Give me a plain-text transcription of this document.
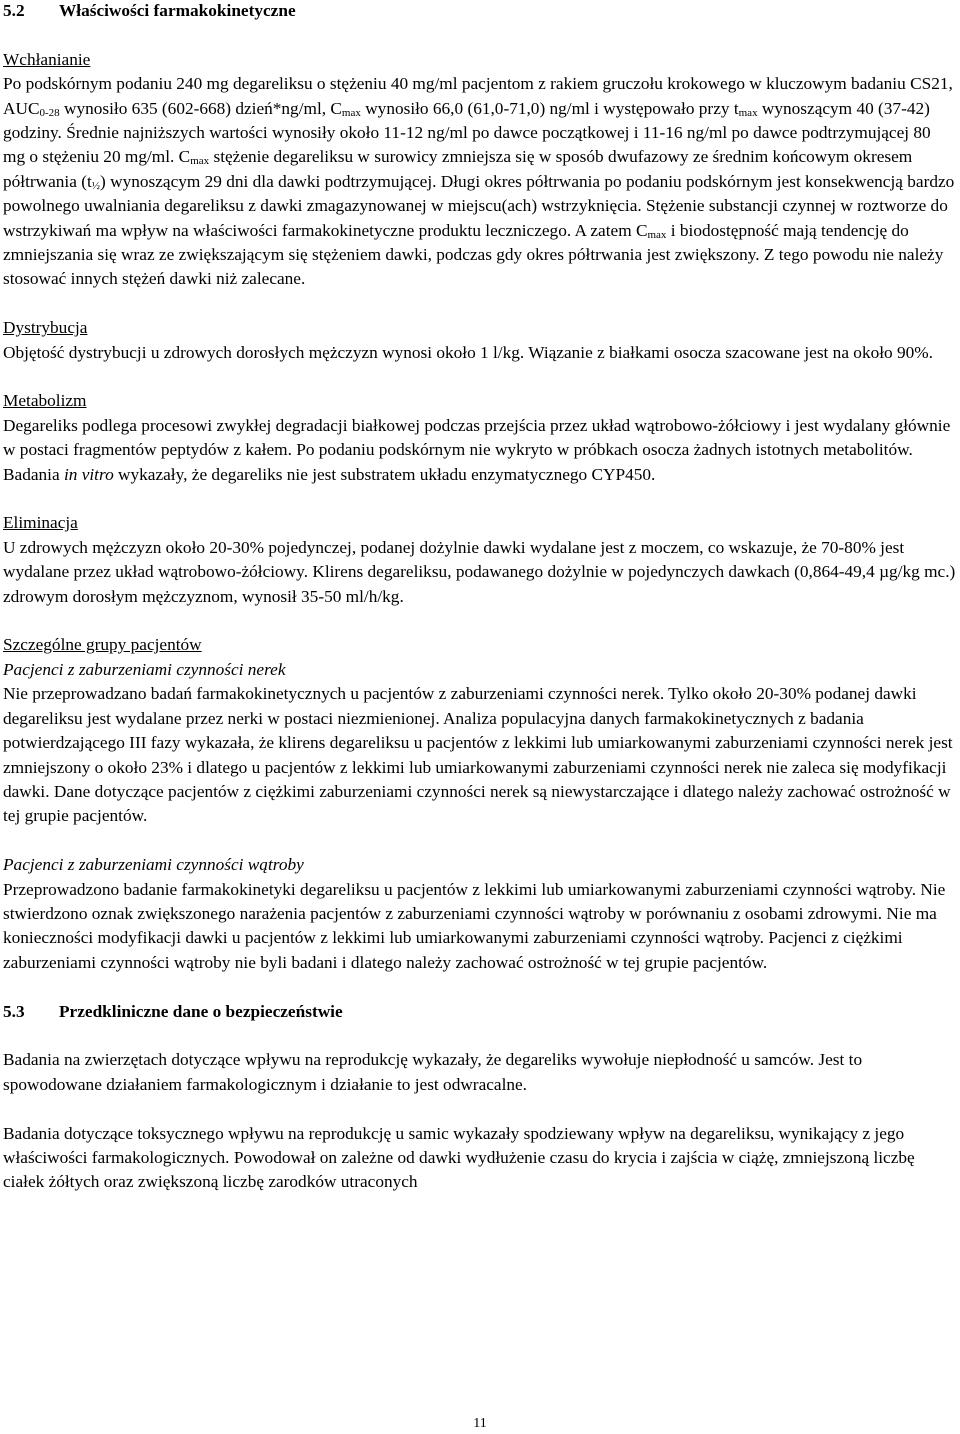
5.2 Właściwości farmakokinetyczne

Wchłanianie

Po podskórnym podaniu 240 mg degareliksu o stężeniu 40 mg/ml pacjentom z rakiem gruczołu krokowego w kluczowym badaniu CS21, $AUC_{0-28}$ wynosiło 635 (602-668) dzień*ng/ml, $C_{max}$ wynosiło 66,0 (61,0-71,0) ng/ml i występowało przy $t_{max}$ wynoszącym 40 (37-42) godziny. Średnie najniższych wartości wynosiły około 11-12 ng/ml po dawce początkowej i 11-16 ng/ml po dawce podtrzymującej 80 mg o stężeniu 20 mg/ml. $C_{max}$ stężenie degareliksu w surowicy zmniejsza się w sposób dwufazowy ze średnim końcowym okresem półtrwania $(t_{\frac{1}{2}})$ wynoszącym 29 dni dla dawki podtrzymującej. Długi okres półtrwania po podaniu podskórnym jest konsekwencją bardzo powolnego uwalniania degareliksu z dawki zmagazynowanej w miejscu(ach) wstrzyknięcia. Stężenie substancji czynnej w roztworze do wstrzykiwań ma wpływ na właściwości farmakokinetyczne produktu leczniczego. A zatem $C_{max}$ i biodostępność mają tendencję do zmniejszania się wraz ze zwiększającym się stężeniem dawki, podczas gdy okres półtrwania jest zwiększony. Z tego powodu nie należy stosować innych stężeń dawki niż zalecane.

Dystrybucja

Objętość dystrybucji u zdrowych dorosłych mężczyzn wynosi około 1 l/kg. Wiązanie z białkami osocza szacowane jest na około 90%.

Metabolizm

Degareliks podlega procesowi zwykłej degradacji białkowej podczas przejścia przez układ wątrobowo-żółciowy i jest wydalany głównie w postaci fragmentów peptydów z kałem. Po podaniu podskórnym nie wykryto w próbkach osocza żadnych istotnych metabolitów. Badania in vitro wykazały, że degareliks nie jest substratem układu enzymatycznego CYP450.

Eliminacja

U zdrowych mężczyzn około 20-30% pojedynczej, podanej dożylnie dawki wydalane jest z moczem, co wskazuje, że 70-80% jest wydalane przez układ wątrobowo-żółciowy. Klirens degareliksu, podawanego dożylnie w pojedynczych dawkach (0,864-49,4 µg/kg mc.) zdrowym dorosłym mężczyznom, wynosił 35-50 ml/h/kg.

Szczególne grupy pacjentów

Pacjenci z zaburzeniami czynności nerek

Nie przeprowadzano badań farmakokinetycznych u pacjentów z zaburzeniami czynności nerek. Tylko około 20-30% podanej dawki degareliksu jest wydalane przez nerki w postaci niezmienionej. Analiza populacyjna danych farmakokinetycznych z badania potwierdzającego III fazy wykazała, że klirens degareliksu u pacjentów z lekkimi lub umiarkowanymi zaburzeniami czynności nerek jest zmniejszony o około 23% i dlatego u pacjentów z lekkimi lub umiarkowanymi zaburzeniami czynności nerek nie zaleca się modyfikacji dawki. Dane dotyczące pacjentów z ciężkimi zaburzeniami czynności nerek są niewystarczające i dlatego należy zachować ostrożność w tej grupie pacjentów.

Pacjenci z zaburzeniami czynności wątroby

Przeprowadzono badanie farmakokinetyki degareliksu u pacjentów z lekkimi lub umiarkowanymi zaburzeniami czynności wątroby. Nie stwierdzono oznak zwiększonego narażenia pacjentów z zaburzeniami czynności wątroby w porównaniu z osobami zdrowymi. Nie ma konieczności modyfikacji dawki u pacjentów z lekkimi lub umiarkowanymi zaburzeniami czynności wątroby. Pacjenci z ciężkimi zaburzeniami czynności wątroby nie byli badani i dlatego należy zachować ostrożność w tej grupie pacjentów.

5.3 Przedkliniczne dane o bezpieczeństwie

Badania na zwierzętach dotyczące wpływu na reprodukcję wykazały, że degareliks wywołuje niepłodność u samców. Jest to spowodowane działaniem farmakologicznym i działanie to jest odwracalne.

Badania dotyczące toksycznego wpływu na reprodukcję u samic wykazały spodziewany wpływ na degareliksu, wynikający z jego właściwości farmakologicznych. Powodował on zależne od dawki wydłużenie czasu do krycia i zajścia w ciążę, zmniejszoną liczbę ciałek żółtych oraz zwiększoną liczbę zarodków utraconych

11
